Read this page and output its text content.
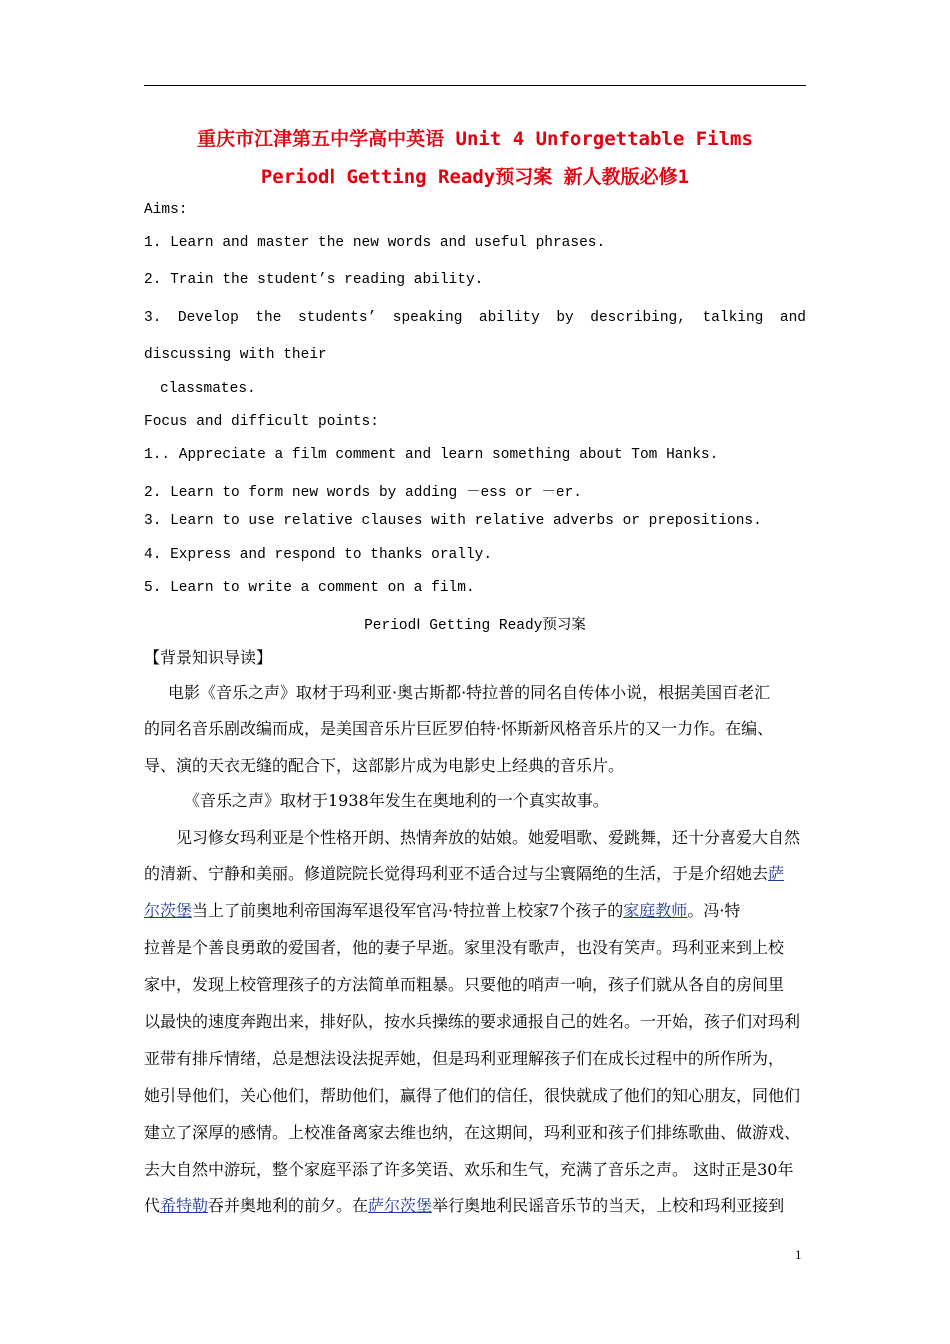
重庆市江津第五中学高中英语 Unit 4 Unforgettable Films
PeriodⅠ Getting Ready预习案 新人教版必修1
Aims:
1. Learn and master the new words and useful phrases.
2. Train the student’s reading ability.
3. Develop the students’ speaking ability by describing, talking and
discussing with their
classmates.
Focus and difficult points:
1.. Appreciate a film comment and learn something about Tom Hanks.
2. Learn to form new words by adding －ess or －er.
3. Learn to use relative clauses with relative adverbs or prepositions.
4. Express and respond to thanks orally.
5. Learn to write a comment on a film.
PeriodⅠ Getting Ready预习案
【背景知识导读】
电影《音乐之声》取材于玛利亚·奥古斯都·特拉普的同名自传体小说，根据美国百老汇
的同名音乐剧改编而成，是美国音乐片巨匠罗伯特·怀斯新风格音乐片的又一力作。在编、
导、演的天衣无缝的配合下，这部影片成为电影史上经典的音乐片。
《音乐之声》取材于1938年发生在奥地利的一个真实故事。
见习修女玛利亚是个性格开朗、热情奔放的姑娘。她爱唱歌、爱跳舞，还十分喜爱大自然
的清新、宁静和美丽。修道院院长觉得玛利亚不适合过与尘寰隔绝的生活，于是介绍她去萨
尔茨堡当上了前奥地利帝国海军退役军官冯·特拉普上校家7个孩子的家庭教师。冯·特
拉普是个善良勇敢的爱国者，他的妻子早逝。家里没有歌声，也没有笑声。玛利亚来到上校
家中，发现上校管理孩子的方法简单而粗暴。只要他的哨声一响，孩子们就从各自的房间里
以最快的速度奔跑出来，排好队，按水兵操练的要求通报自己的姓名。一开始，孩子们对玛利
亚带有排斥情绪，总是想法设法捉弄她，但是玛利亚理解孩子们在成长过程中的所作所为，
她引导他们，关心他们，帮助他们，赢得了他们的信任，很快就成了他们的知心朋友，同他们
建立了深厚的感情。上校准备离家去维也纳，在这期间，玛利亚和孩子们排练歌曲、做游戏、
去大自然中游玩，整个家庭平添了许多笑语、欢乐和生气，充满了音乐之声。 这时正是30年
代希特勒吞并奥地利的前夕。在萨尔茨堡举行奥地利民谣音乐节的当天，上校和玛利亚接到
1
